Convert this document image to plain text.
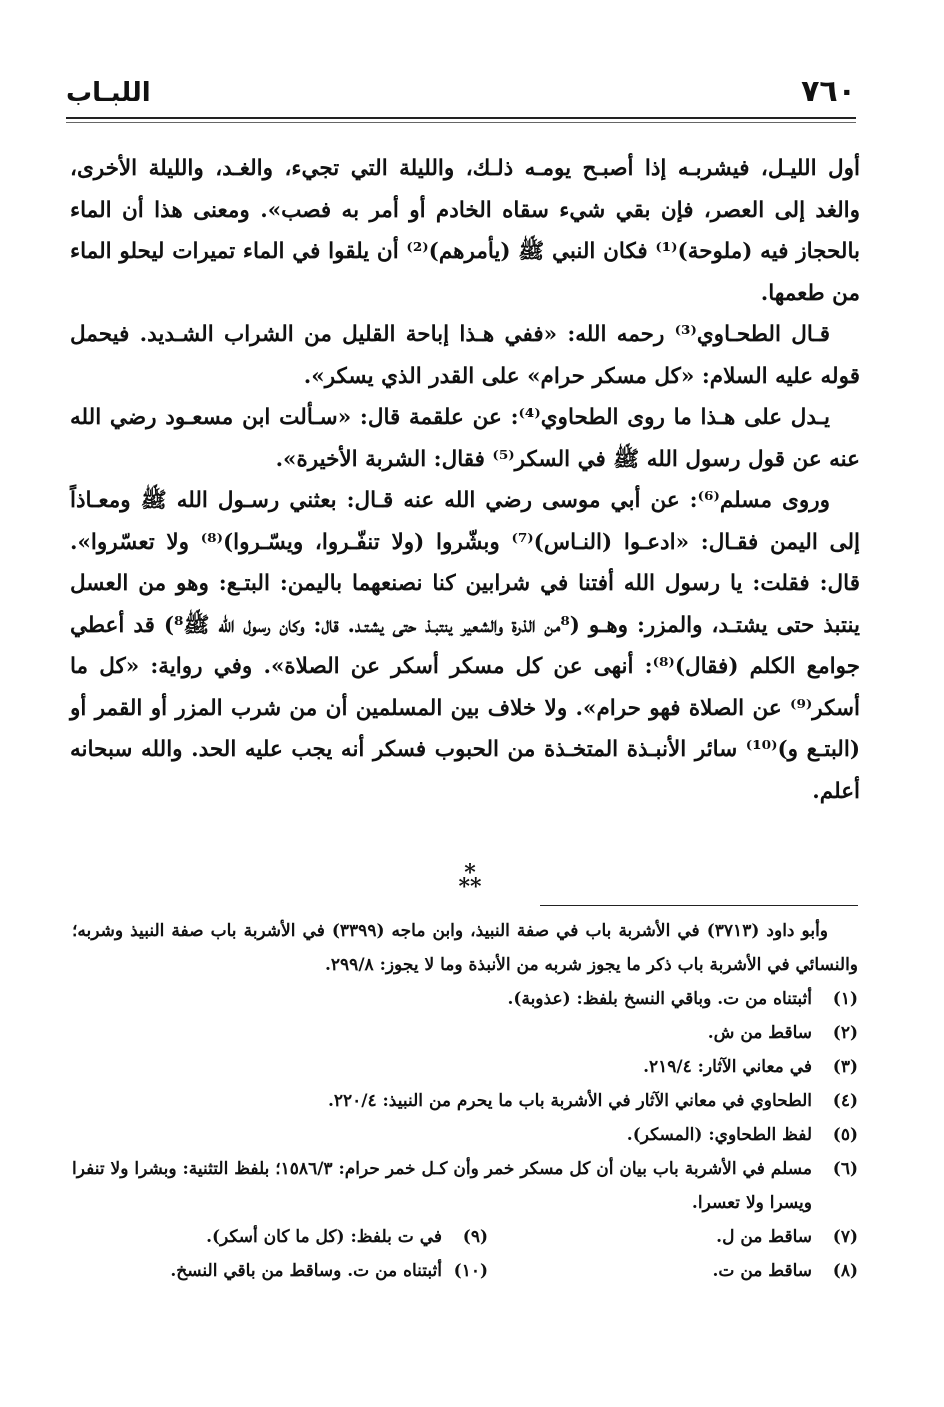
٧٦٠
اللبـاب

أول الليـل، فيشربـه إذا أصبـح يومـه ذلـك، والليلة التي تجيء، والغـد، والليلة الأخرى، والغد إلى العصر، فإن بقي شيء سقاه الخادم أو أمر به فصب». ومعنى هذا أن الماء بالحجاز فيه (ملوحة)⁽¹⁾ فكان النبي ﷺ (يأمرهم)⁽²⁾ أن يلقوا في الماء تميرات ليحلو الماء من طعمها.

قـال الطحـاوي⁽³⁾ رحمه الله: «ففي هـذا إباحة القليل من الشراب الشـديد. فيحمل قوله عليه السلام: «كل مسكر حرام» على القدر الذي يسكر».

يـدل على هـذا ما روى الطحاوي⁽⁴⁾: عن علقمة قال: «سـألت ابن مسعـود رضي الله عنه عن قول رسول الله ﷺ في السكر⁽⁵⁾ فقال: الشربة الأخيرة».

وروى مسلم⁽⁶⁾: عن أبي موسى رضي الله عنه قـال: بعثني رسـول الله ﷺ ومعـاذاً إلى اليمن فقـال: «ادعـوا (النـاس)⁽⁷⁾ وبشّروا (ولا تنفّـروا، ويسّـروا)⁽⁸⁾ ولا تعسّروا». قال: فقلت: يا رسول الله أفتنا في شرابين كنا نصنعهما باليمن: البتـع: وهو من العسل ينتبذ حتى يشتـد، والمزر: وهـو (⁸من الذرة والشعير ينتبـذ حتى يشتـد. قال: وكان رسول الله ﷺ⁸) قد أعطي جوامع الكلم (فقال)⁽⁸⁾: أنهى عن كل مسكر أسكر عن الصلاة». وفي رواية: «كل ما أسكر⁽⁹⁾ عن الصلاة فهو حرام». ولا خلاف بين المسلمين أن من شرب المزر أو القمر أو (البتـع و)⁽¹⁰⁾ سائر الأنبـذة المتخـذة من الحبوب فسكر أنه يجب عليه الحد. والله سبحانه أعلم.

*
**

وأبو داود (٣٧١٣) في الأشربة باب في صفة النبيذ، وابن ماجه (٣٣٩٩) في الأشربة باب صفة النبيذ وشربه؛ والنسائي في الأشربة باب ذكر ما يجوز شربه من الأنبذة وما لا يجوز: ٢٩٩/٨.

(١)
أثبتناه من ت. وباقي النسخ بلفظ: (عذوبة).
(٢)
ساقط من ش.
(٣)
في معاني الآثار: ٢١٩/٤.
(٤)
الطحاوي في معاني الآثار في الأشربة باب ما يحرم من النبيذ: ٢٢٠/٤.
(٥)
لفظ الطحاوي: (المسكر).
(٦)
مسلم في الأشربة باب بيان أن كل مسكر خمر وأن كـل خمر حرام: ١٥٨٦/٣؛ بلفظ التثنية: وبشرا ولا تنفرا ويسرا ولا تعسرا.
(٧)
ساقط من ل.
(٩)
في ت بلفظ: (كل ما كان أسكر).
(٨)
ساقط من ت.
(١٠)
أثبتناه من ت. وساقط من باقي النسخ.
